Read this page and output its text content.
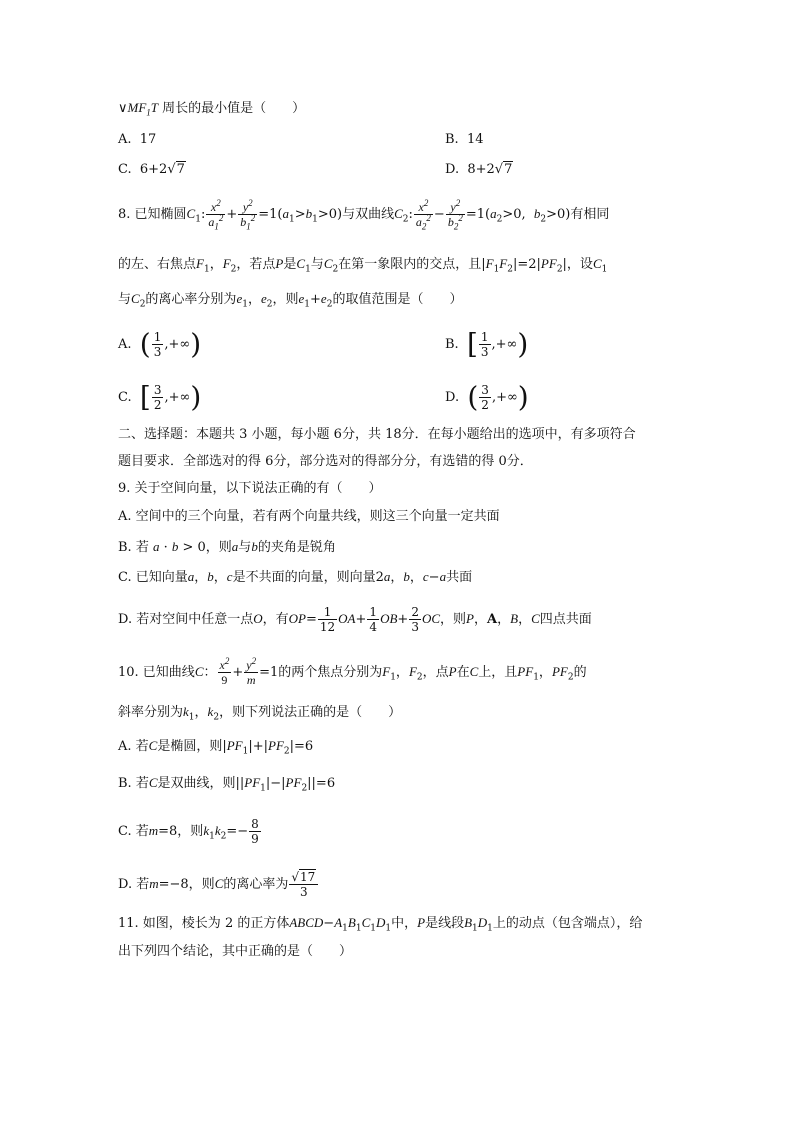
$\vee MF_1T$ 周长的最小值是（　　）
A.  17	B.  14
C.  6+2√7	D.  8+2√7
8. 已知椭圆$C_1$: $\frac{x^2}{a_1^2} + \frac{y^2}{b_1^2} =1(a_1>b_1>0)$与双曲线$C_2$: $\frac{x^2}{a_2^2} - \frac{y^2}{b_2^2} =1(a_2>0$,  $b_2>0$)有相同
的左、右焦点$F_1$，$F_2$，若点P是$C_1$与$C_2$在第一象限内的交点，且$|F_1F_2|=2|PF_2|$，设$C_1$
与$C_2$的离心率分别为$e_1$，$e_2$，则$e_1+e_2$的取值范围是（　　）
A.  ( $\frac{1}{3}$ ,+∞)	B.  [ $\frac{1}{3}$ ,+∞)
C.  [ $\frac{3}{2}$ ,+∞)	D.  ( $\frac{3}{2}$ ,+∞)
二、选择题：本题共 3 小题，每小题 6分，共 18分．在每小题给出的选项中，有多项符合
题目要求．全部选对的得 6分，部分选对的得部分分，有选错的得 0分．
9. 关于空间向量，以下说法正确的有（　　）
A. 空间中的三个向量，若有两个向量共线，则这三个向量一定共面
B. 若 a · b > 0，则a与b的夹角是锐角
C. 已知向量a，b，c是不共面的向量，则向量2a，b，c−a共面
D. 若对空间中任意一点O，有$OP= \frac{1}{12} OA+ \frac{1}{4} OB+ \frac{2}{3}$ OC，则P，A，B，C四点共面
10. 已知曲线C： $\frac{x^2}{9} + \frac{y^2}{m} =1$的两个焦点分别为$F_1$，$F_2$，点P在C上，且$PF_1$，$PF_2$的
斜率分别为$k_1$，$k_2$，则下列说法正确的是（　　）
A. 若C是椭圆，则$|PF_1|+|PF_2|=6$
B. 若C是双曲线，则$||PF_1|-|PF_2||=6$
C. 若m=8，则$k_1k_2=- \frac{8}{9}$
D. 若m=−8，则C的离心率为 $\frac{√17}{3}$
11. 如图，棱长为 2 的正方体$ABCD-A_1B_1C_1D_1$中，P是线段$B_1D_1$上的动点（包含端点），给
出下列四个结论，其中正确的是（　　）
